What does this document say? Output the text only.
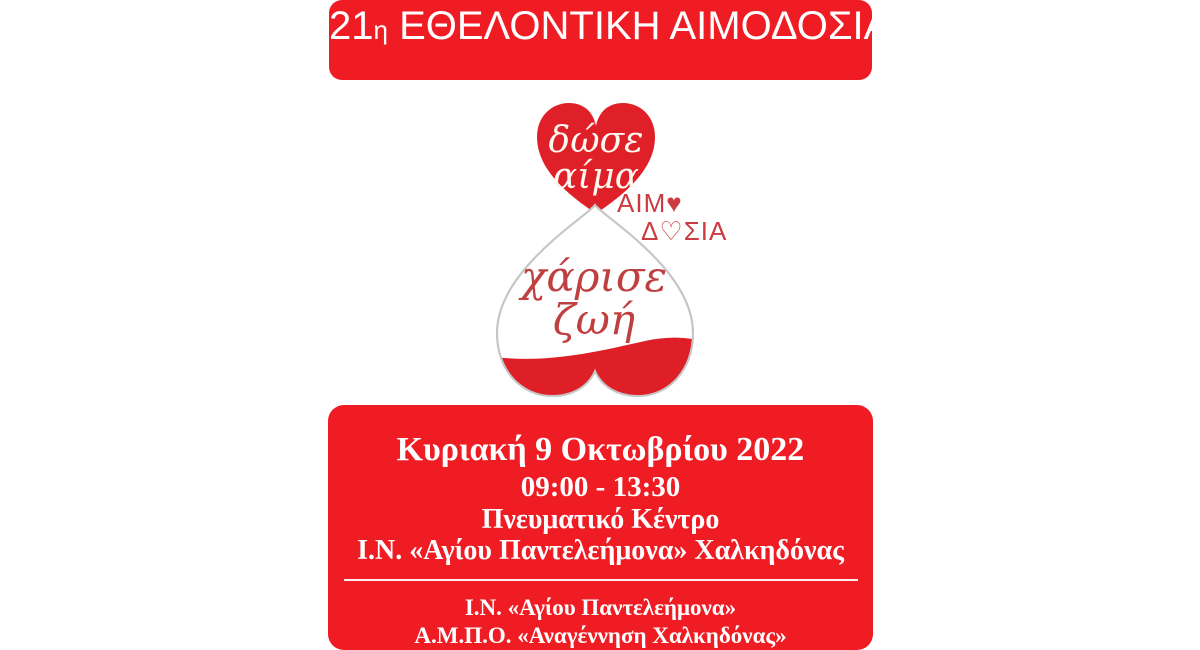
21η ΕΘΕΛΟΝΤΙΚΗ ΑΙΜΟΔΟΣΙΑ
δώσε
αίμα
ΑΙΜ♥
Δ♡ΣΙΑ
χάρισε
ζωή
Κυριακή 9 Οκτωβρίου 2022
09:00 - 13:30
Πνευματικό Κέντρο
Ι.Ν. «Αγίου Παντελεήμονα» Χαλκηδόνας
Ι.Ν. «Αγίου Παντελεήμονα»
Α.Μ.Π.Ο. «Αναγέννηση Χαλκηδόνας»
